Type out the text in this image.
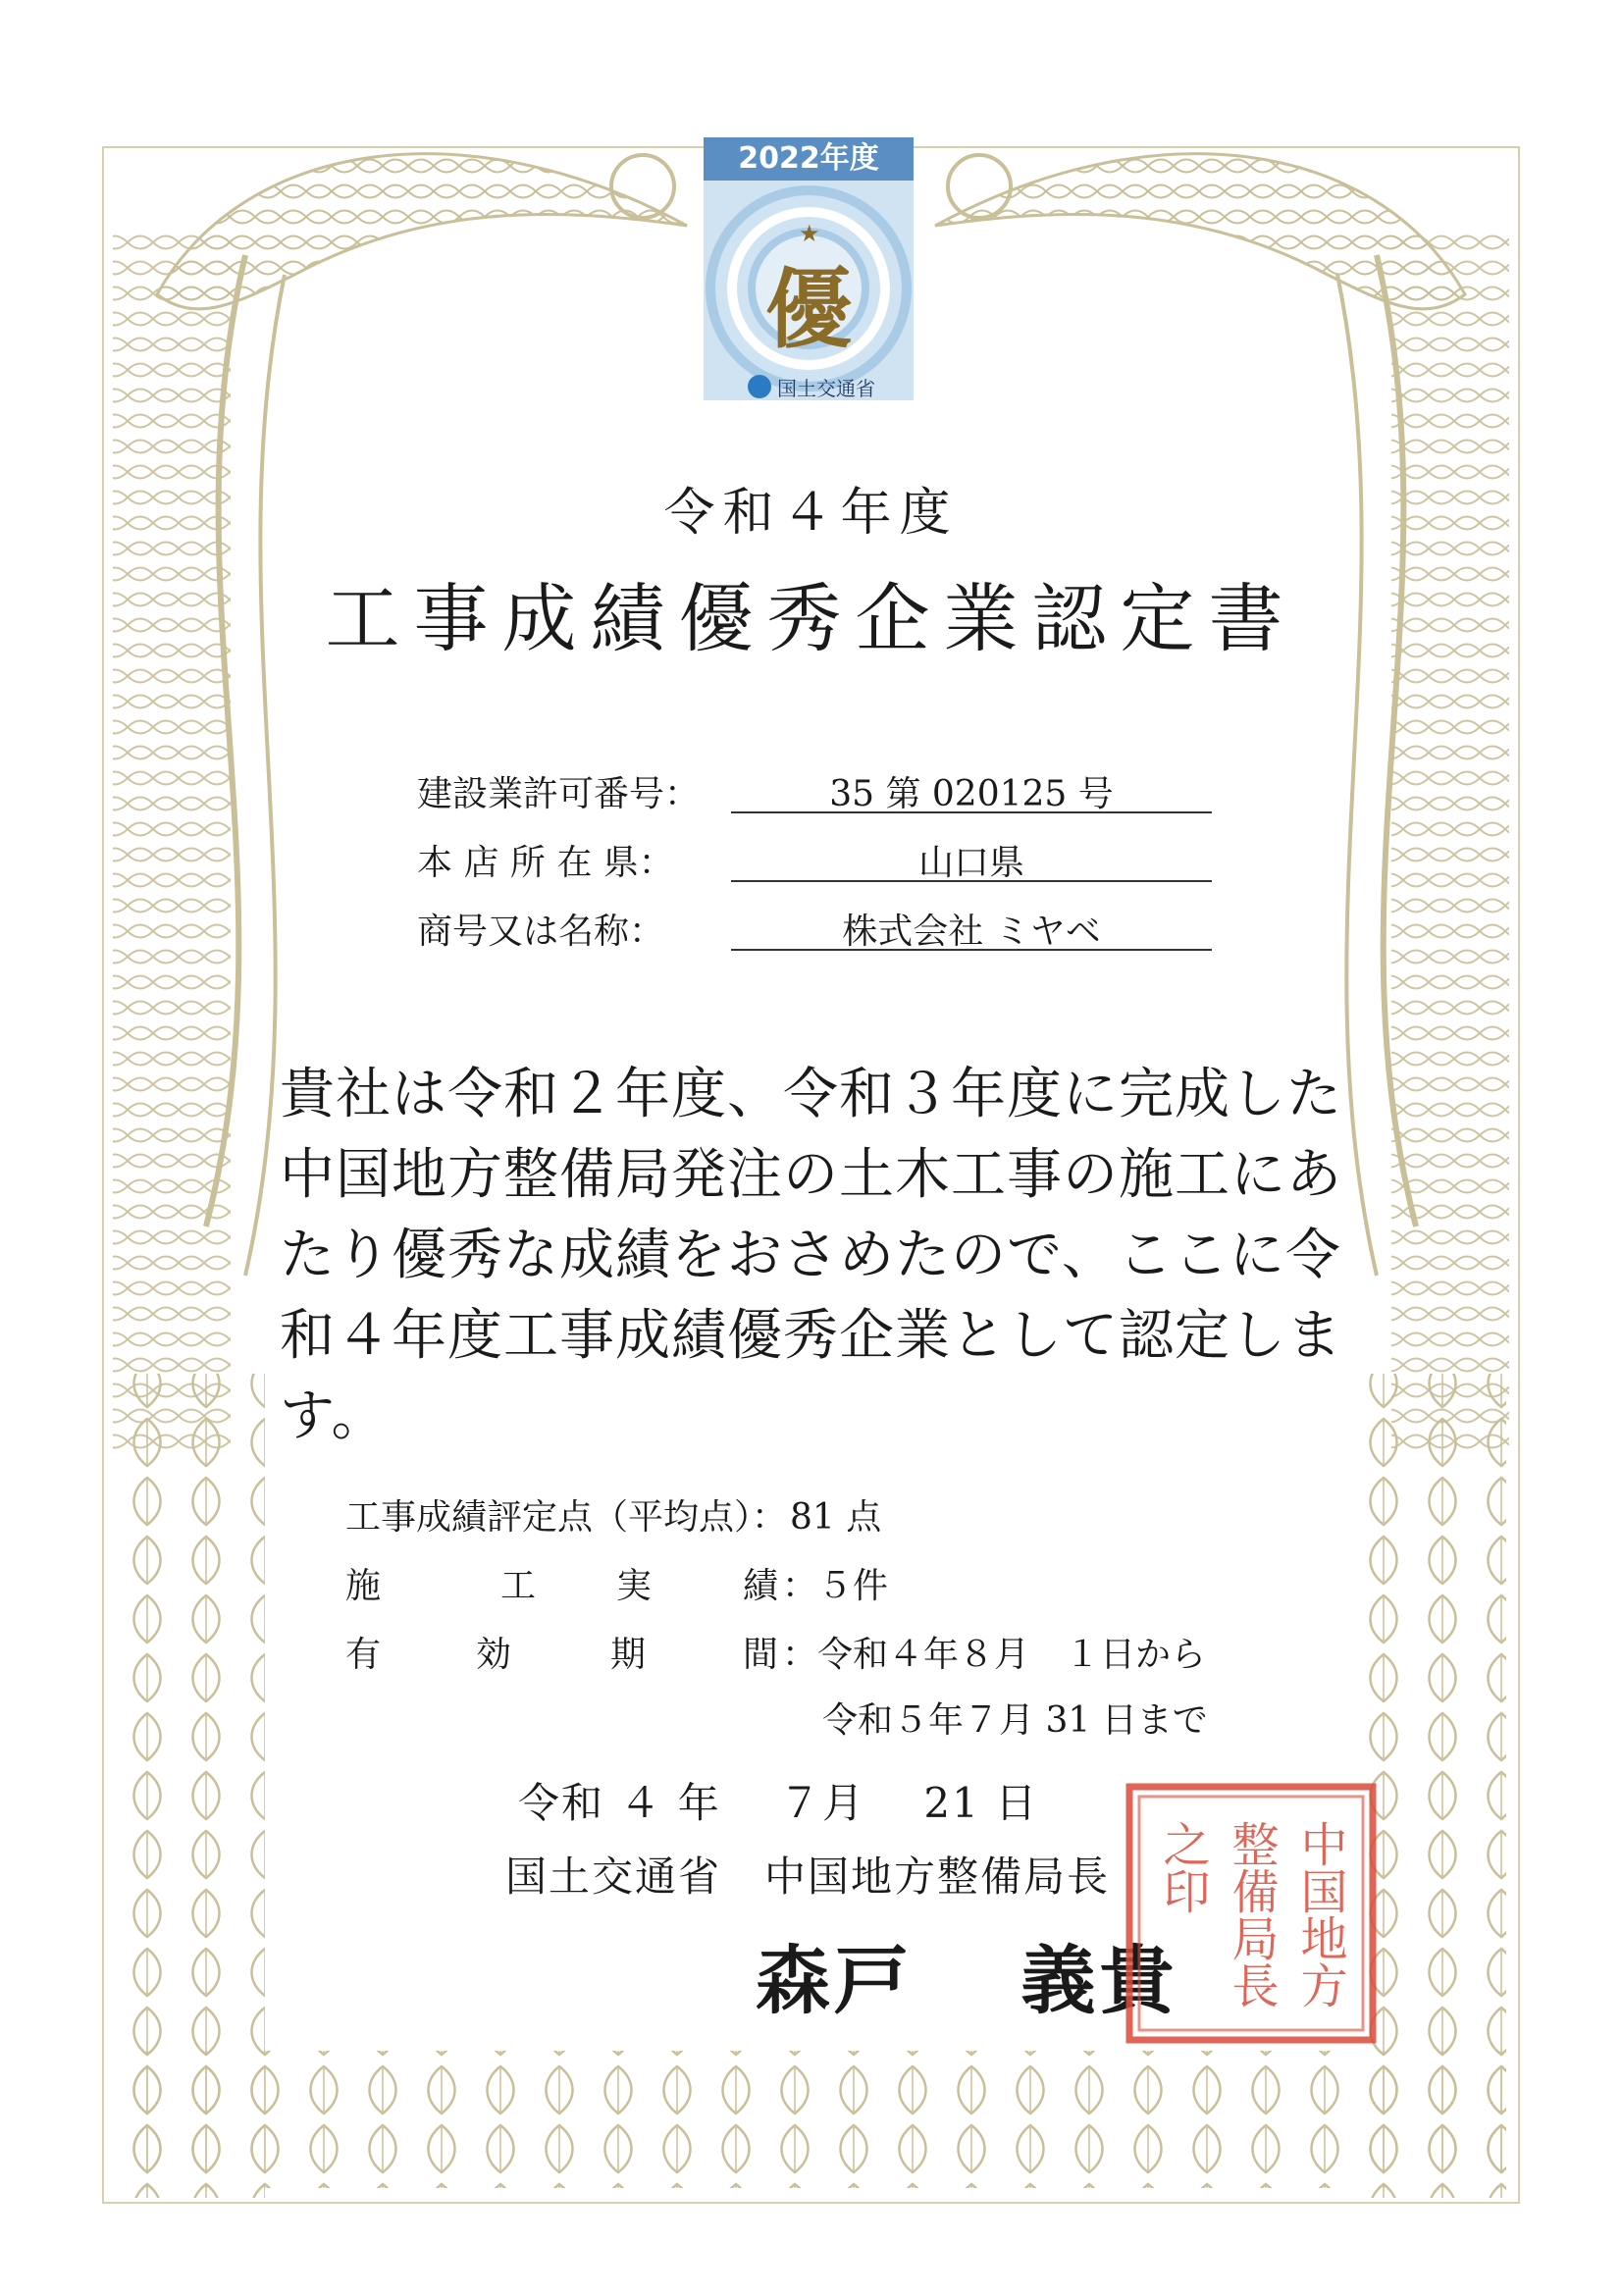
2022年度
★
優
国土交通省
令和４年度
工事成績優秀企業認定書
建設業許可番号：	35 第 020125 号
本 店 所 在 県：	山口県
商号又は名称：	株式会社 ミヤベ
貴社は令和２年度、令和３年度に完成した
中国地方整備局発注の土木工事の施工にあ
たり優秀な成績をおさめたので、ここに令
和４年度工事成績優秀企業として認定しま
す。
工事成績評定点（平均点）： 81 点
施	工 実	績 ：５件
有	効	期	間 ：令和４年８月　１日から
令和５年７月 31 日まで
令和 ４ 年　 ７月　 21 日
国土交通省　中国地方整備局長
森戸　 義貴 中国地方
整備局長
之印
